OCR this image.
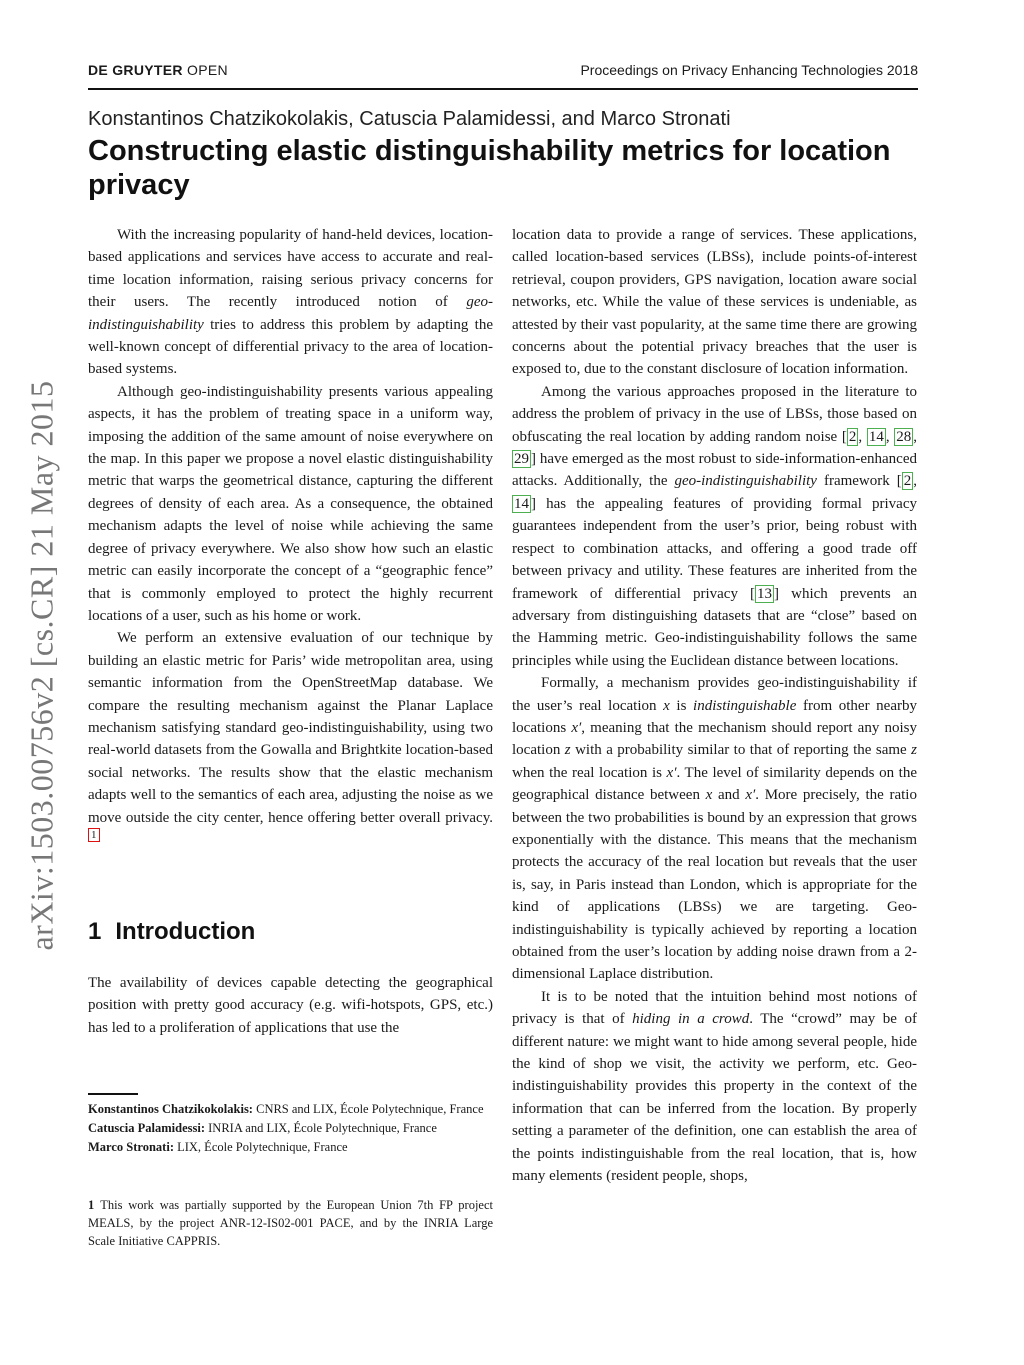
DE GRUYTER OPEN	Proceedings on Privacy Enhancing Technologies 2018
Konstantinos Chatzikokolakis, Catuscia Palamidessi, and Marco Stronati
Constructing elastic distinguishability metrics for location privacy
arXiv:1503.00756v2 [cs.CR] 21 May 2015

With the increasing popularity of hand-held devices, location-based applications and services have access to accurate and real-time location information, raising serious privacy concerns for their users. The recently introduced notion of geo-indistinguishability tries to address this problem by adapting the well-known concept of differential privacy to the area of location-based systems.

Although geo-indistinguishability presents various appealing aspects, it has the problem of treating space in a uniform way, imposing the addition of the same amount of noise everywhere on the map. In this paper we propose a novel elastic distinguishability metric that warps the geometrical distance, capturing the different degrees of density of each area. As a consequence, the obtained mechanism adapts the level of noise while achieving the same degree of privacy everywhere. We also show how such an elastic metric can easily incorporate the concept of a “geographic fence” that is commonly employed to protect the highly recurrent locations of a user, such as his home or work.

We perform an extensive evaluation of our technique by building an elastic metric for Paris’ wide metropolitan area, using semantic information from the OpenStreetMap database. We compare the resulting mechanism against the Planar Laplace mechanism satisfying standard geo-indistinguishability, using two real-world datasets from the Gowalla and Brightkite location-based social networks. The results show that the elastic mechanism adapts well to the semantics of each area, adjusting the noise as we move outside the city center, hence offering better overall privacy. $^1$

1 Introduction

The availability of devices capable detecting the geographical position with pretty good accuracy (e.g. wifi-hotspots, GPS, etc.) has led to a proliferation of applications that use the

Konstantinos Chatzikokolakis: CNRS and LIX, École Polytechnique, France
Catuscia Palamidessi: INRIA and LIX, École Polytechnique, France
Marco Stronati: LIX, École Polytechnique, France
1 This work was partially supported by the European Union 7th FP project MEALS, by the project ANR-12-IS02-001 PACE, and by the INRIA Large Scale Initiative CAPPRIS.

location data to provide a range of services. These applications, called location-based services (LBSs), include points-of-interest retrieval, coupon providers, GPS navigation, location aware social networks, etc. While the value of these services is undeniable, as attested by their vast popularity, at the same time there are growing concerns about the potential privacy breaches that the user is exposed to, due to the constant disclosure of location information.

Among the various approaches proposed in the literature to address the problem of privacy in the use of LBSs, those based on obfuscating the real location by adding random noise [ 2 , 14 , 28 , 29 ] have emerged as the most robust to side-information-enhanced attacks. Additionally, the geo-indistinguishability framework [ 2 , 14 ] has the appealing features of providing formal privacy guarantees independent from the user’s prior, being robust with respect to combination attacks, and offering a good trade off between privacy and utility. These features are inherited from the framework of differential privacy [ 13 ] which prevents an adversary from distinguishing datasets that are “close” based on the Hamming metric. Geo-indistinguishability follows the same principles while using the Euclidean distance between locations.

Formally, a mechanism provides geo-indistinguishability if the user’s real location x is indistinguishable from other nearby locations x′, meaning that the mechanism should report any noisy location z with a probability similar to that of reporting the same z when the real location is x′. The level of similarity depends on the geographical distance between x and x′. More precisely, the ratio between the two probabilities is bound by an expression that grows exponentially with the distance. This means that the mechanism protects the accuracy of the real location but reveals that the user is, say, in Paris instead than London, which is appropriate for the kind of applications (LBSs) we are targeting. Geo-indistinguishability is typically achieved by reporting a location obtained from the user’s location by adding noise drawn from a 2-dimensional Laplace distribution.

It is to be noted that the intuition behind most notions of privacy is that of hiding in a crowd. The “crowd” may be of different nature: we might want to hide among several people, hide the kind of shop we visit, the activity we perform, etc. Geo-indistinguishability provides this property in the context of the information that can be inferred from the location. By properly setting a parameter of the definition, one can establish the area of the points indistinguishable from the real location, that is, how many elements (resident people, shops,
